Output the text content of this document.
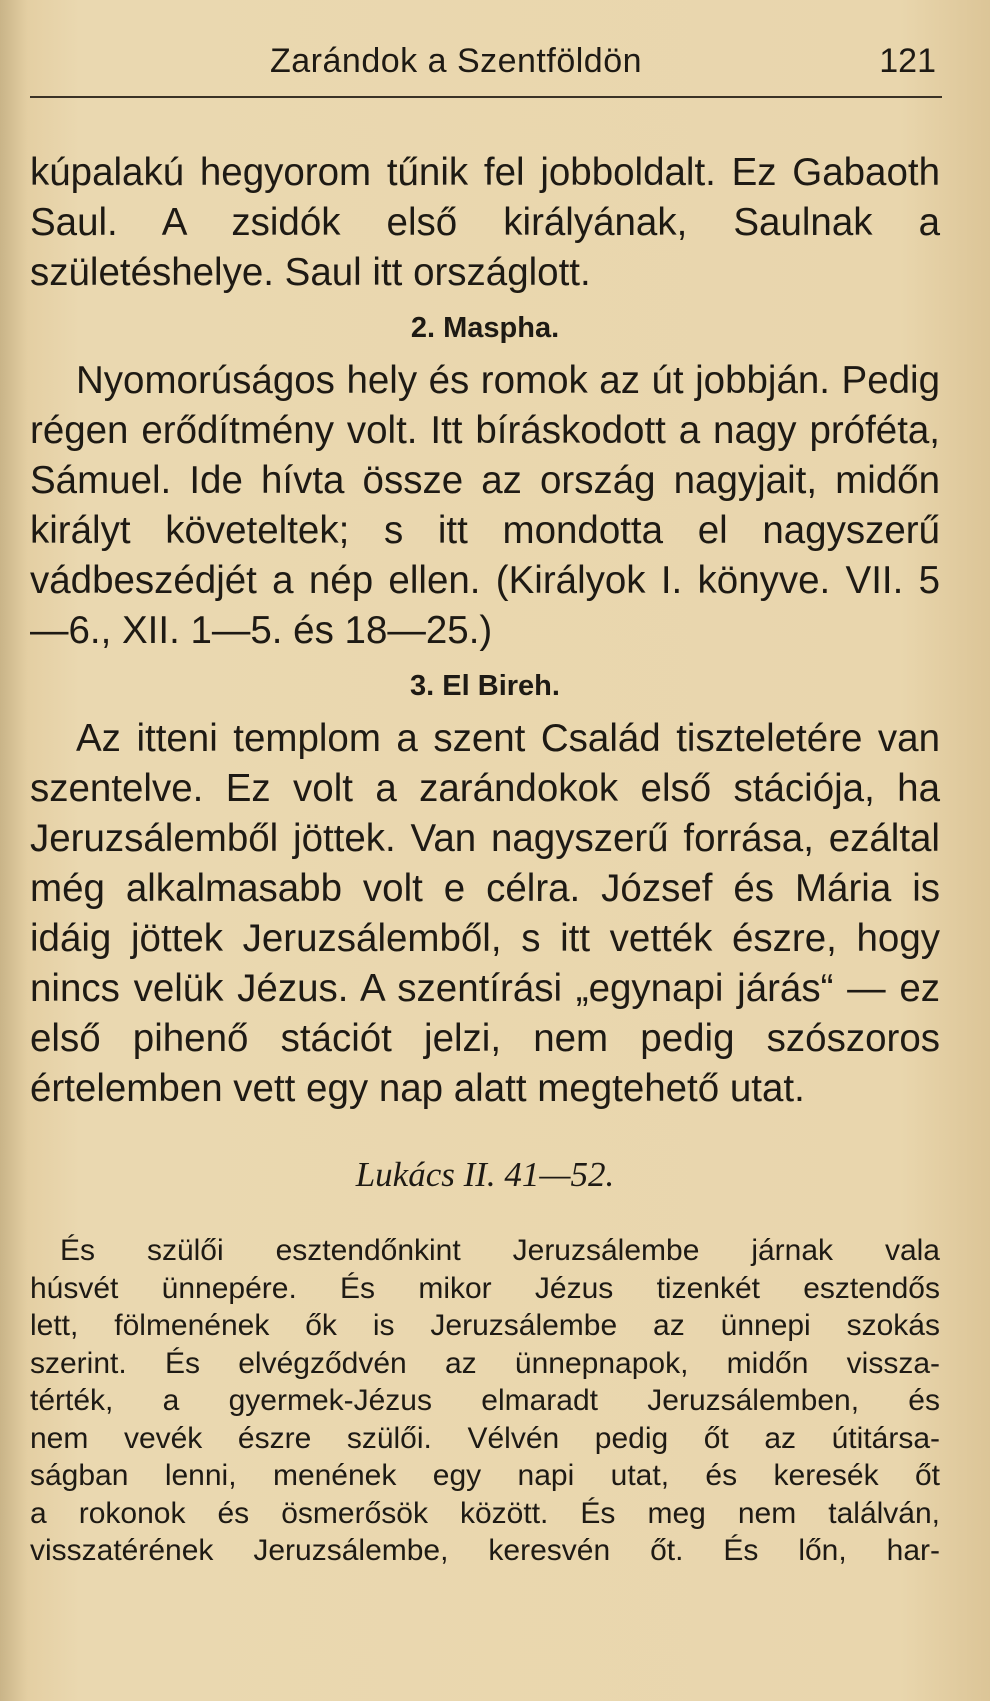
Zarándok a Szentföldön	121

kúpalakú hegyorom tűnik fel jobboldalt. Ez Gabaoth Saul. A zsidók első királyának, Saulnak a születéshelye. Saul itt országlott.

2. Maspha.

Nyomorúságos hely és romok az út jobbján. Pedig régen erődítmény volt. Itt bíráskodott a nagy próféta, Sámuel. Ide hívta össze az ország nagyjait, midőn királyt követeltek; s itt mondotta el nagyszerű vádbeszédjét a nép ellen. (Királyok I. könyve. VII. 5—6., XII. 1—5. és 18—25.)

3. El Bireh.

Az itteni templom a szent Család tiszteletére van szentelve. Ez volt a zarándokok első stációja, ha Jeruzsálemből jöttek. Van nagyszerű forrása, ezáltal még alkalmasabb volt e célra. József és Mária is idáig jöttek Jeruzsálemből, s itt vették észre, hogy nincs velük Jézus. A szentírási „egynapi járás“ — ez első pihenő stációt jelzi, nem pedig szószoros értelemben vett egy nap alatt megtehető utat.

Lukács II. 41—52.

És szülői esztendőnkint Jeruzsálembe járnak vala
húsvét ünnepére. És mikor Jézus tizenkét esztendős
lett, fölmenének ők is Jeruzsálembe az ünnepi szokás
szerint. És elvégződvén az ünnepnapok, midőn vissza-
térték, a gyermek-Jézus elmaradt Jeruzsálemben, és
nem vevék észre szülői. Vélvén pedig őt az útitársa-
ságban lenni, menének egy napi utat, és keresék őt
a rokonok és ösmerősök között. És meg nem találván,
visszatérének Jeruzsálembe, keresvén őt. És lőn, har-
